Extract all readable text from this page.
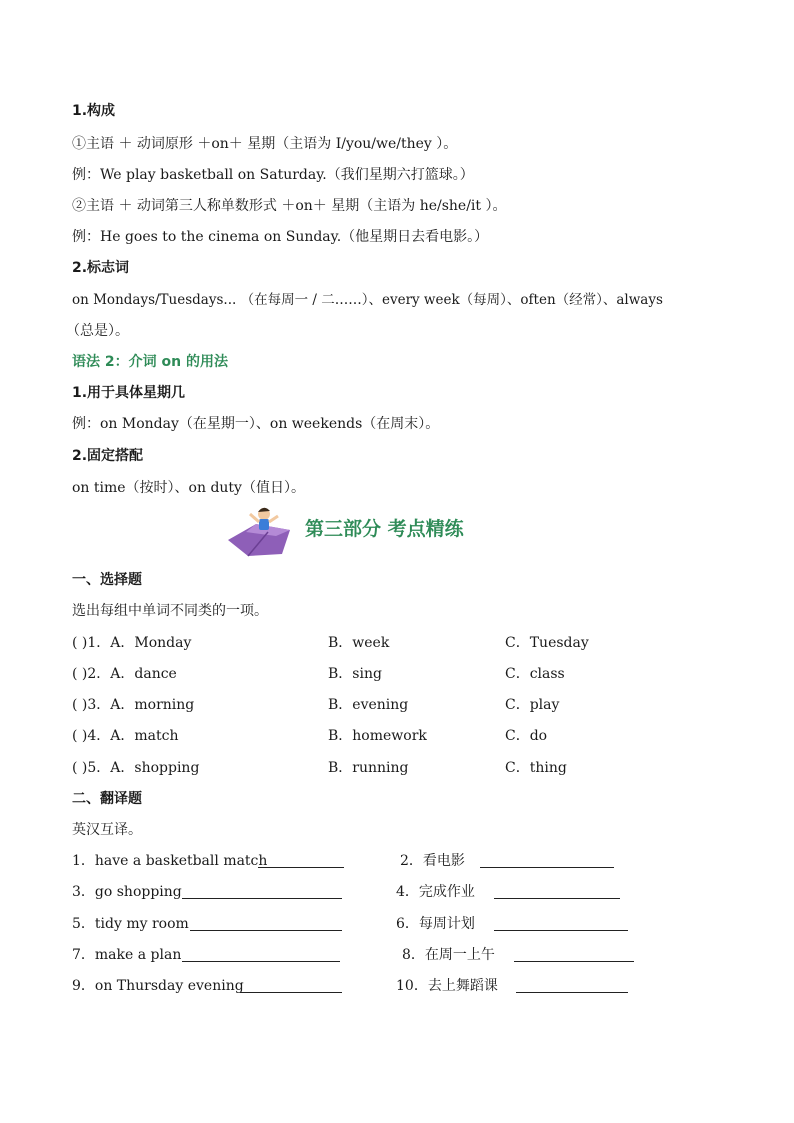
1.构成
①主语 ＋ 动词原形 ＋on＋ 星期（主语为 I/you/we/they ）。
例：We play basketball on Saturday.（我们星期六打篮球。）
②主语 ＋ 动词第三人称单数形式 ＋on＋ 星期（主语为 he/she/it ）。
例：He goes to the cinema on Sunday.（他星期日去看电影。）
2.标志词
on Mondays/Tuesdays... （在每周一 / 二……）、every week（每周）、often（经常）、always
（总是）。
语法 2：介词 on 的用法
1.用于具体星期几
例：on Monday（在星期一）、on weekends（在周末）。
2.固定搭配
on time（按时）、on duty（值日）。
第三部分 考点精练
一、选择题
选出每组中单词不同类的一项。
( )1．A．Monday	B．week	C．Tuesday
( )2．A．dance	B．sing	C．class
( )3．A．morning	B．evening	C．play
( )4．A．match	B．homework	C．do
( )5．A．shopping	B．running	C．thing
二、翻译题
英汉互译。
1．have a basketball match	2．看电影
3．go shopping	4．完成作业
5．tidy my room	6．每周计划
7．make a plan	8．在周一上午
9．on Thursday evening	10．去上舞蹈课
